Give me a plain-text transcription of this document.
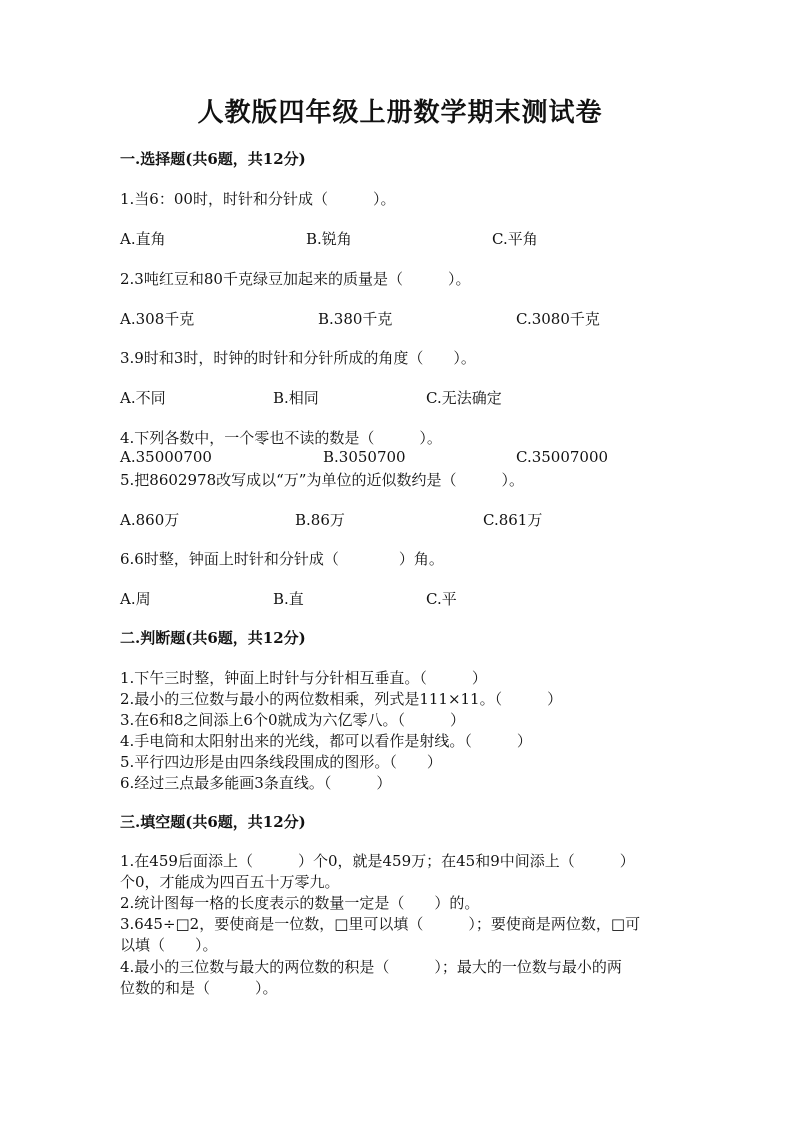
人教版四年级上册数学期末测试卷
一.选择题(共6题，共12分)
1.当6：00时，时针和分针成（　　　）。
A.直角	B.锐角	C.平角
2.3吨红豆和80千克绿豆加起来的质量是（　　　）。
A.308千克	B.380千克	C.3080千克
3.9时和3时，时钟的时针和分针所成的角度（　　）。
A.不同	B.相同	C.无法确定
4.下列各数中，一个零也不读的数是（　　　）。
A.35000700	B.3050700	C.35007000
5.把8602978改写成以“万”为单位的近似数约是（　　　）。
A.860万	B.86万	C.861万
6.6时整，钟面上时针和分针成（　　　　）角。
A.周	B.直	C.平
二.判断题(共6题，共12分)
1.下午三时整，钟面上时针与分针相互垂直。（　　　）
2.最小的三位数与最小的两位数相乘，列式是111×11。（　　　）
3.在6和8之间添上6个0就成为六亿零八。（　　　）
4.手电筒和太阳射出来的光线，都可以看作是射线。（　　　）
5.平行四边形是由四条线段围成的图形。（　　）
6.经过三点最多能画3条直线。（　　　）
三.填空题(共6题，共12分)
1.在459后面添上（　　　）个0，就是459万；在45和9中间添上（　　　）
个0，才能成为四百五十万零九。
2.统计图每一格的长度表示的数量一定是（　　）的。
3.645÷□2，要使商是一位数，□里可以填（　　　）；要使商是两位数，□可
以填（　　）。
4.最小的三位数与最大的两位数的积是（　　　）；最大的一位数与最小的两
位数的和是（　　　）。
